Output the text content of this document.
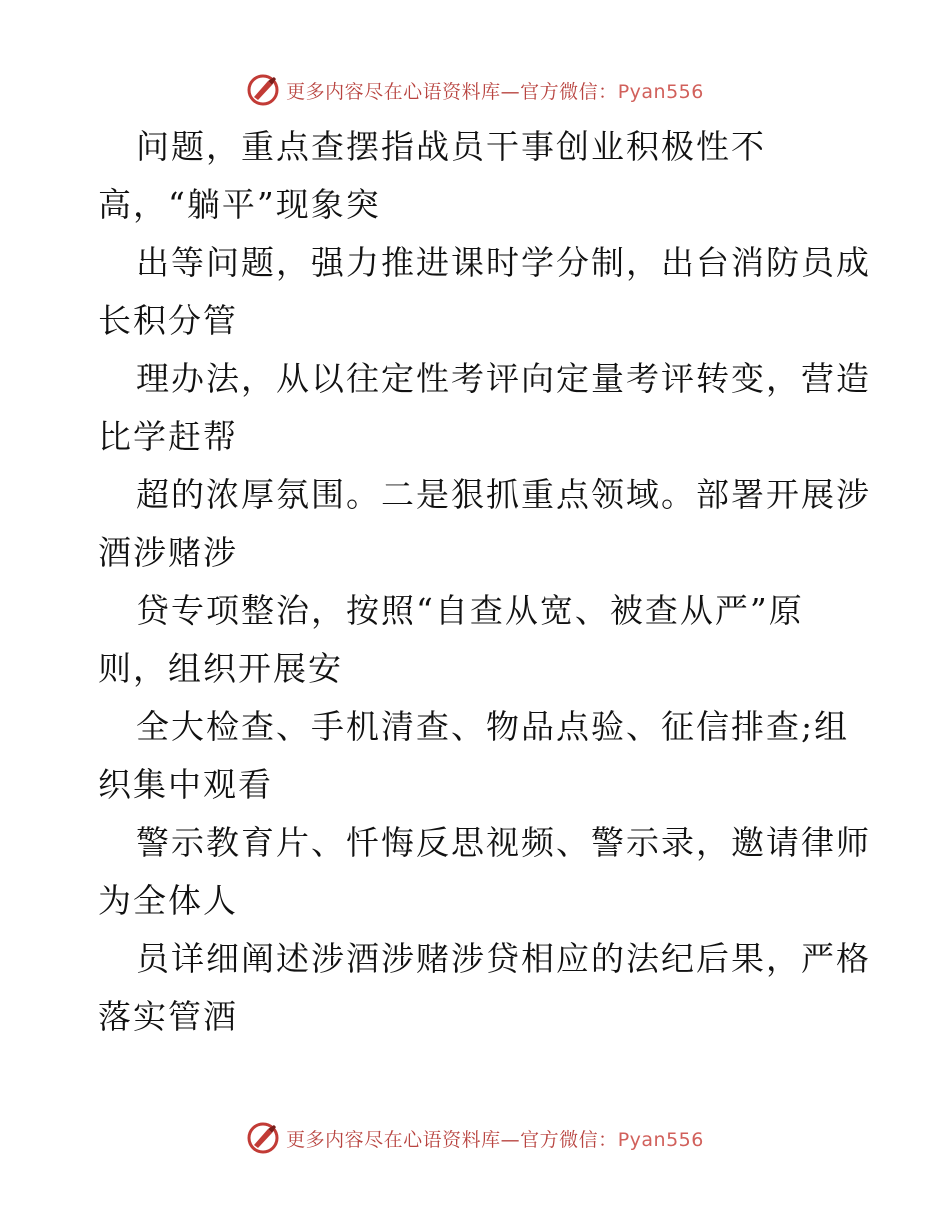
更多内容尽在心语资料库—官方微信：Pyan556
问题，重点查摆指战员干事创业积极性不
高，“躺平”现象突
出等问题，强力推进课时学分制，出台消防员成
长积分管
理办法，从以往定性考评向定量考评转变，营造
比学赶帮
超的浓厚氛围。二是狠抓重点领域。部署开展涉
酒涉赌涉
贷专项整治，按照“自查从宽、被查从严”原
则，组织开展安
全大检查、手机清查、物品点验、征信排查;组
织集中观看
警示教育片、忏悔反思视频、警示录，邀请律师
为全体人
员详细阐述涉酒涉赌涉贷相应的法纪后果，严格
落实管酒
更多内容尽在心语资料库—官方微信：Pyan556
